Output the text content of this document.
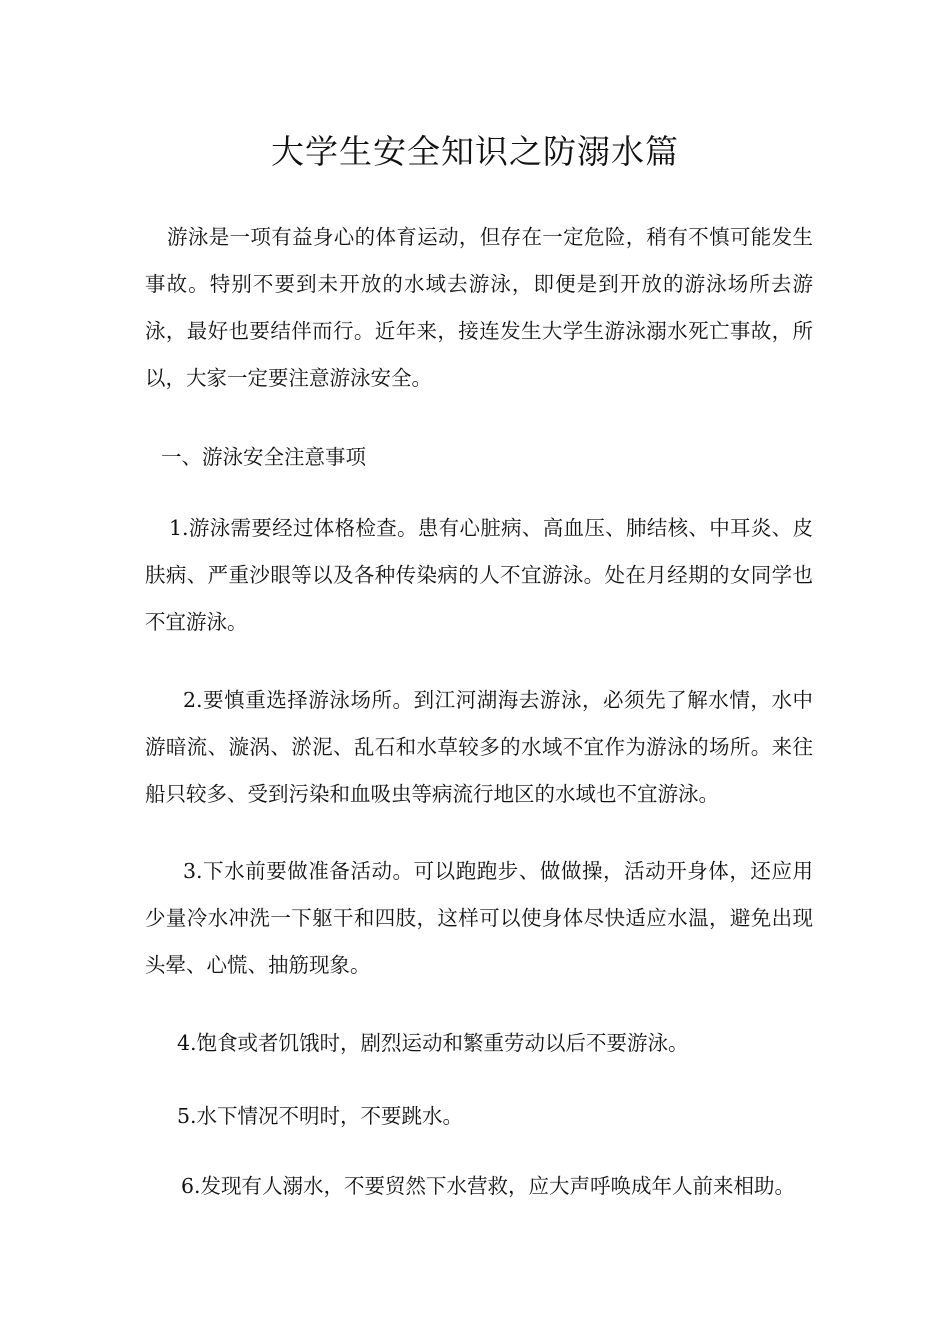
大学生安全知识之防溺水篇

游泳是一项有益身心的体育运动，但存在一定危险，稍有不慎可能发生事故。特别不要到未开放的水域去游泳，即便是到开放的游泳场所去游泳，最好也要结伴而行。近年来，接连发生大学生游泳溺水死亡事故，所以，大家一定要注意游泳安全。

一、游泳安全注意事项

1.游泳需要经过体格检查。患有心脏病、高血压、肺结核、中耳炎、皮肤病、严重沙眼等以及各种传染病的人不宜游泳。处在月经期的女同学也不宜游泳。

2.要慎重选择游泳场所。到江河湖海去游泳，必须先了解水情，水中游暗流、漩涡、淤泥、乱石和水草较多的水域不宜作为游泳的场所。来往船只较多、受到污染和血吸虫等病流行地区的水域也不宜游泳。

3.下水前要做准备活动。可以跑跑步、做做操，活动开身体，还应用少量冷水冲洗一下躯干和四肢，这样可以使身体尽快适应水温，避免出现头晕、心慌、抽筋现象。

4.饱食或者饥饿时，剧烈运动和繁重劳动以后不要游泳。

5.水下情况不明时，不要跳水。

6.发现有人溺水，不要贸然下水营救，应大声呼唤成年人前来相助。
